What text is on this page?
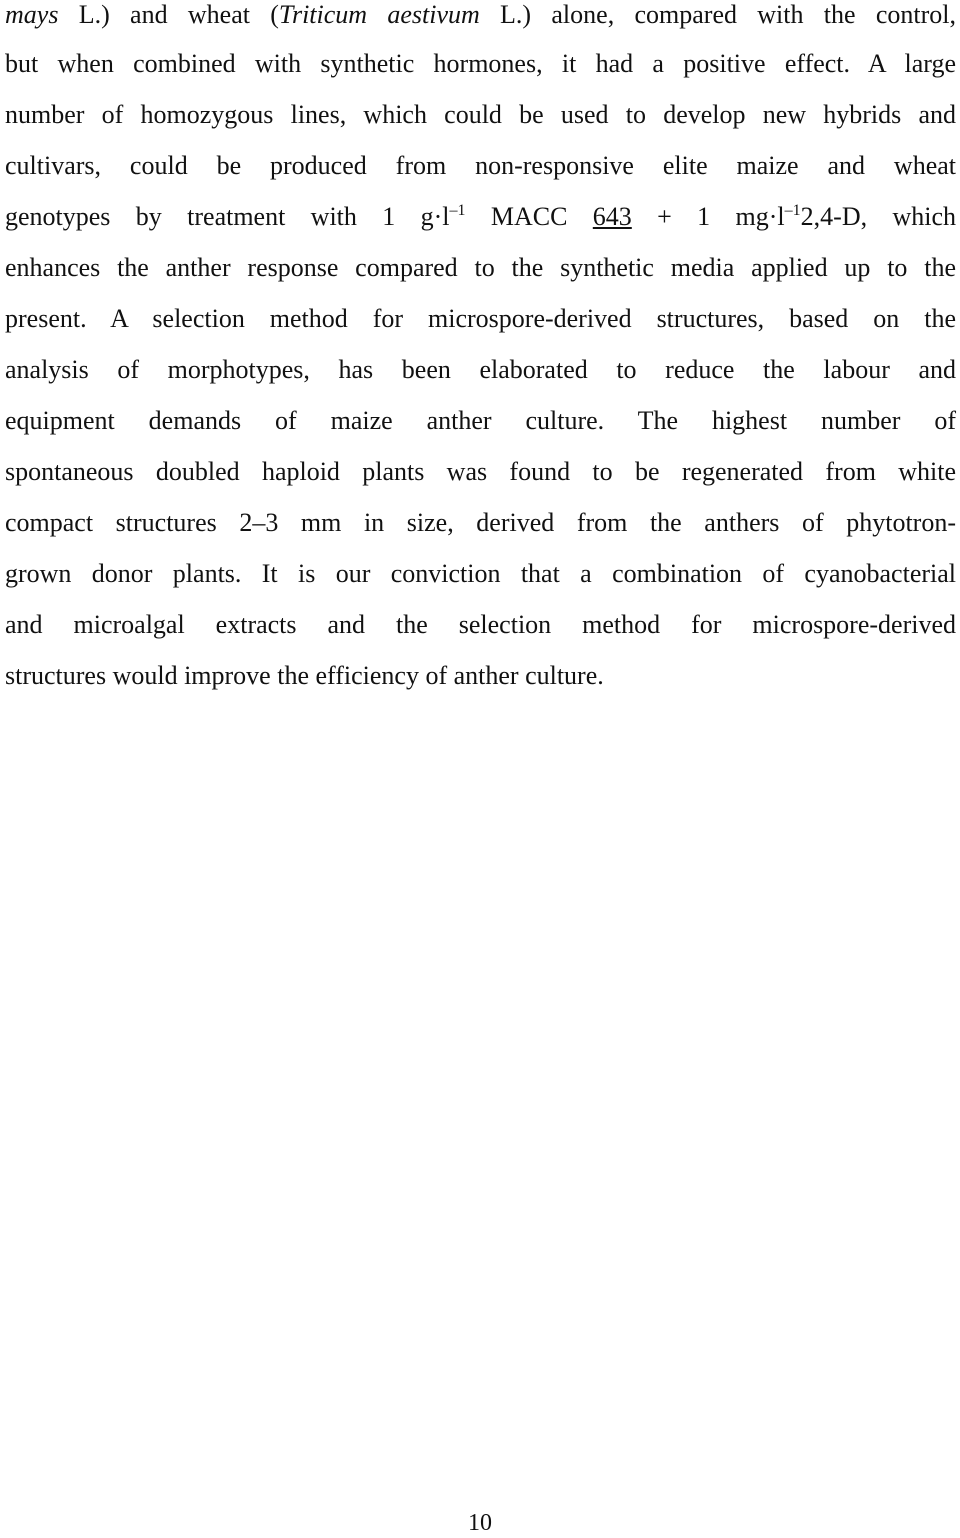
mays L.) and wheat (Triticum aestivum L.) alone, compared with the control,
but when combined with synthetic hormones, it had a positive effect. A large
number of homozygous lines, which could be used to develop new hybrids and
cultivars, could be produced from non-responsive elite maize and wheat
genotypes by treatment with 1 $g\cdot l^{-1}$ MACC 643 + 1 $mg\cdot l^{-1}2,4-D$, which
enhances the anther response compared to the synthetic media applied up to the
present. A selection method for microspore-derived structures, based on the
analysis of morphotypes, has been elaborated to reduce the labour and
equipment demands of maize anther culture. The highest number of
spontaneous doubled haploid plants was found to be regenerated from white
compact structures 2–3 mm in size, derived from the anthers of phytotron-
grown donor plants. It is our conviction that a combination of cyanobacterial
and microalgal extracts and the selection method for microspore-derived
structures would improve the efficiency of anther culture.
10
